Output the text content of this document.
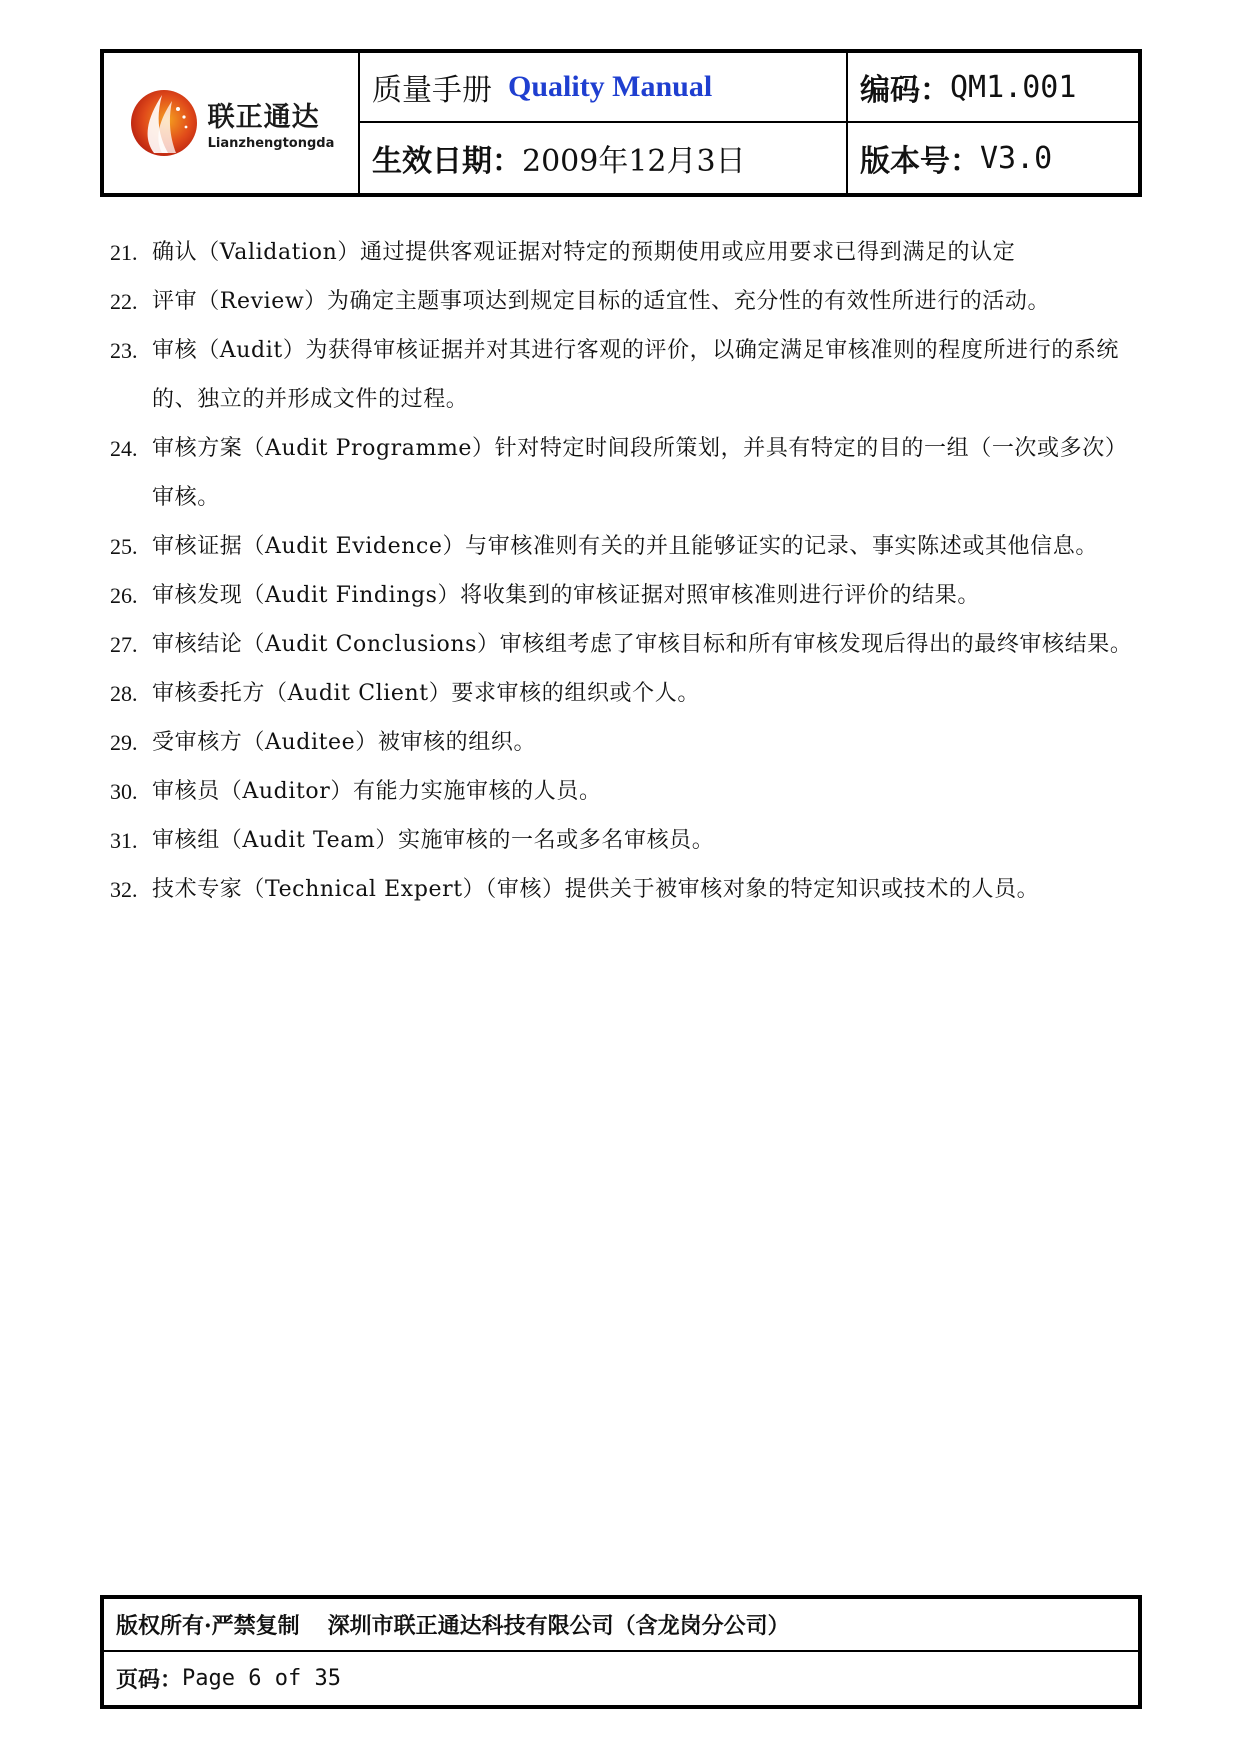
联正通达
Lianzhengtongda
质量手册 Quality Manual	编码： QM1.001
生效日期： 2009年12月3日	版本号： V3.0
21. 确认（Validation）通过提供客观证据对特定的预期使用或应用要求已得到满足的认定
22. 评审（Review）为确定主题事项达到规定目标的适宜性、充分性的有效性所进行的活动。
23. 审核（Audit）为获得审核证据并对其进行客观的评价，以确定满足审核准则的程度所进行的系统的、独立的并形成文件的过程。
24. 审核方案（Audit Programme）针对特定时间段所策划，并具有特定的目的一组（一次或多次）审核。
25. 审核证据（Audit Evidence）与审核准则有关的并且能够证实的记录、事实陈述或其他信息。
26. 审核发现（Audit Findings）将收集到的审核证据对照审核准则进行评价的结果。
27. 审核结论（Audit Conclusions）审核组考虑了审核目标和所有审核发现后得出的最终审核结果。
28. 审核委托方（Audit Client）要求审核的组织或个人。
29. 受审核方（Auditee）被审核的组织。
30. 审核员（Auditor）有能力实施审核的人员。
31. 审核组（Audit Team）实施审核的一名或多名审核员。
32. 技术专家（Technical Expert）（审核）提供关于被审核对象的特定知识或技术的人员。
版权所有·严禁复制 深圳市联正通达科技有限公司（含龙岗分公司）
页码： Page 6 of 35
